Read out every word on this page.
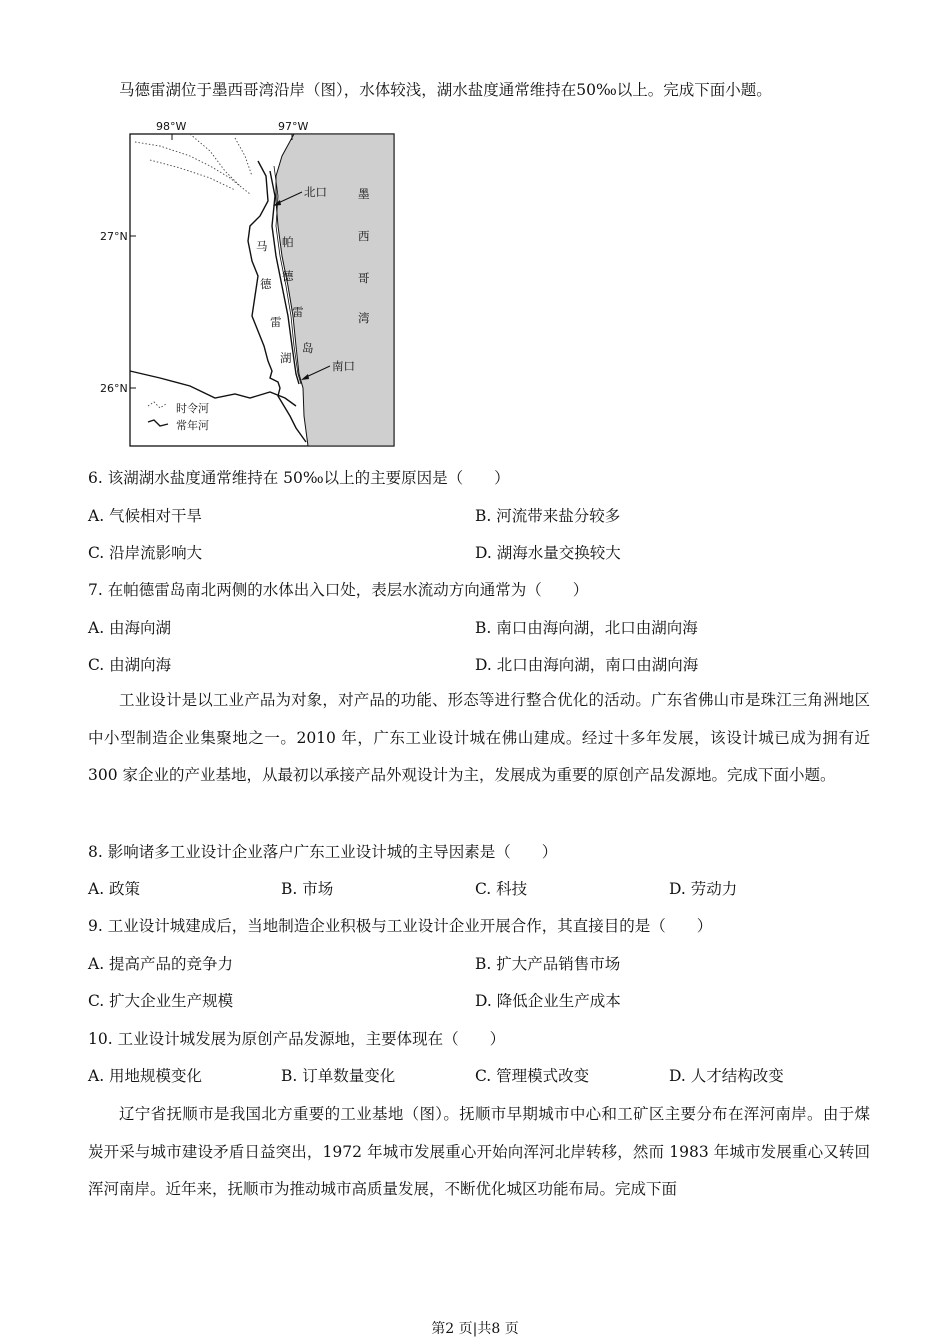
马德雷湖位于墨西哥湾沿岸（图），水体较浅，湖水盐度通常维持在50‰以上。完成下面小题。
98°W	97°W
27°N
26°N
北口
南口
墨
西
哥
湾
马
德
雷
湖
帕
德
雷
岛
时令河
常年河
6. 该湖湖水盐度通常维持在 50‰以上的主要原因是（　　）
A. 气候相对干旱	B. 河流带来盐分较多
C. 沿岸流影响大	D. 湖海水量交换较大
7. 在帕德雷岛南北两侧的水体出入口处，表层水流动方向通常为（　　）
A. 由海向湖	B. 南口由海向湖，北口由湖向海
C. 由湖向海	D. 北口由海向湖，南口由湖向海
工业设计是以工业产品为对象，对产品的功能、形态等进行整合优化的活动。广东省佛山市是珠江三角洲地区中小型制造企业集聚地之一。2010 年，广东工业设计城在佛山建成。经过十多年发展，该设计城已成为拥有近 300 家企业的产业基地，从最初以承接产品外观设计为主，发展成为重要的原创产品发源地。完成下面小题。
8. 影响诸多工业设计企业落户广东工业设计城的主导因素是（　　）
A. 政策	B. 市场	C. 科技	D. 劳动力
9. 工业设计城建成后，当地制造企业积极与工业设计企业开展合作，其直接目的是（　　）
A. 提高产品的竞争力	B. 扩大产品销售市场
C. 扩大企业生产规模	D. 降低企业生产成本
10. 工业设计城发展为原创产品发源地，主要体现在（　　）
A. 用地规模变化	B. 订单数量变化	C. 管理模式改变	D. 人才结构改变
辽宁省抚顺市是我国北方重要的工业基地（图）。抚顺市早期城市中心和工矿区主要分布在浑河南岸。由于煤炭开采与城市建设矛盾日益突出，1972 年城市发展重心开始向浑河北岸转移，然而 1983 年城市发展重心又转回浑河南岸。近年来，抚顺市为推动城市高质量发展，不断优化城区功能布局。完成下面
第2 页|共8 页
